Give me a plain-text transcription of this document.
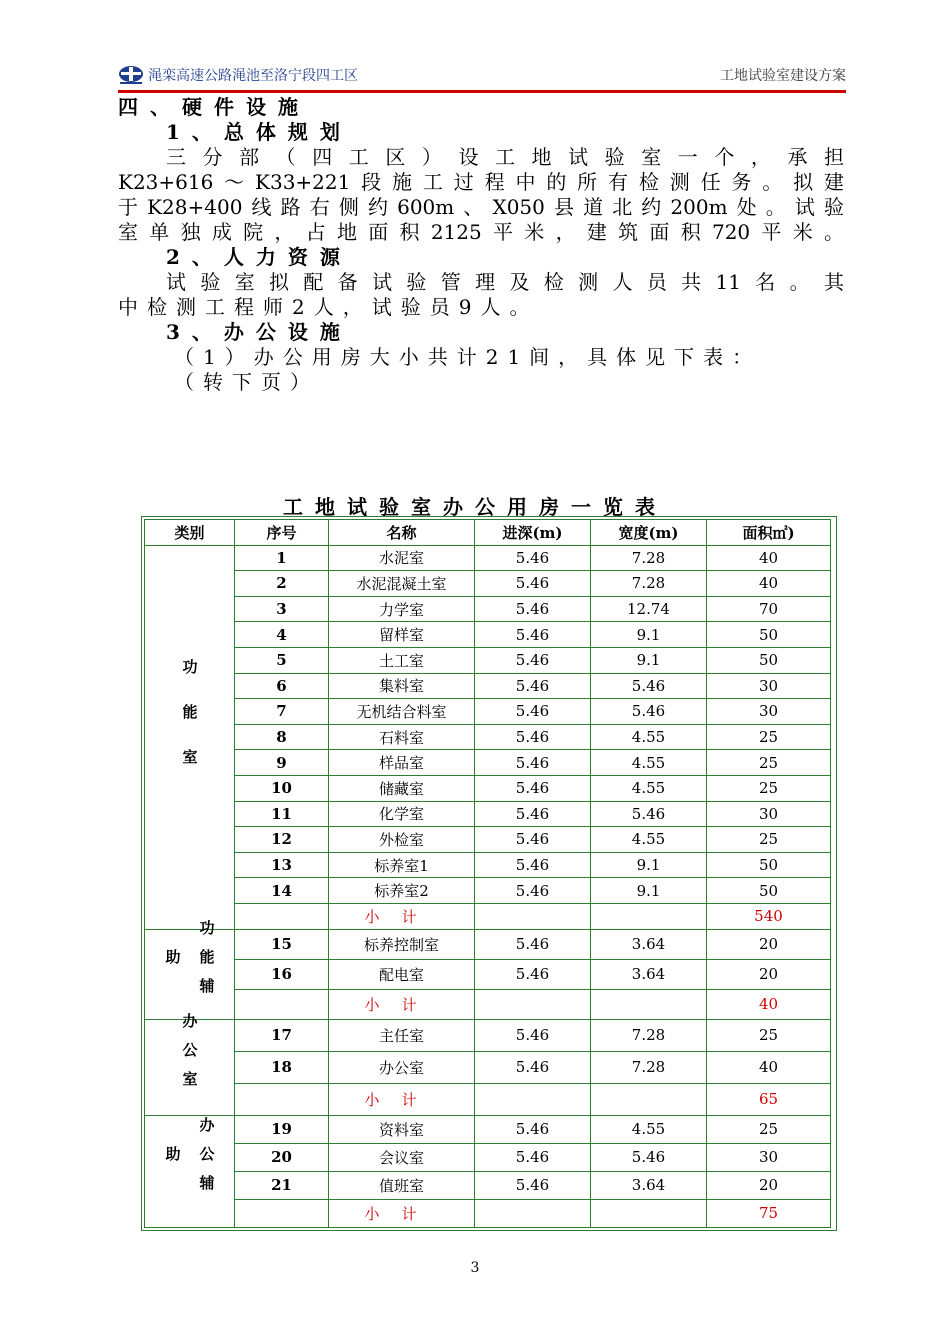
渑栾高速公路渑池至洛宁段四工区	工地试验室建设方案
四、硬件设施
1、总体规划
三分部（四工区）设工地试验室一个，承担
K23+616～K33+221段施工过程中的所有检测任务。拟建
于K28+400线路右侧约600m、X050县道北约200m处。试验
室单独成院，占地面积2125平米，建筑面积720平米。
2、人力资源
试验室拟配备试验管理及检测人员共11名。其
中检测工程师2人，试验员9人。
3、办公设施
（1）办公用房大小共计21间，具体见下表：
（转下页）
工地试验室办公用房一览表
类别	序号	名称	进深(m)	宽度(m)	面积㎡)
功能室	1	水泥室	5.46	7.28	40
	2	水泥混凝土室	5.46	7.28	40
	3	力学室	5.46	12.74	70
	4	留样室	5.46	9.1	50
	5	土工室	5.46	9.1	50
	6	集料室	5.46	5.46	30
	7	无机结合料室	5.46	5.46	30
	8	石料室	5.46	4.55	25
	9	样品室	5.46	4.55	25
	10	储藏室	5.46	4.55	25
	11	化学室	5.46	5.46	30
	12	外检室	5.46	4.55	25
	13	标养室1	5.46	9.1	50
	14	标养室2	5.46	9.1	50
		小计			540
功能辅助	15	标养控制室	5.46	3.64	20
	16	配电室	5.46	3.64	20
		小计			40
办公室	17	主任室	5.46	7.28	25
	18	办公室	5.46	7.28	40
		小计			65
办公辅助	19	资料室	5.46	4.55	25
	20	会议室	5.46	5.46	30
	21	值班室	5.46	3.64	20
		小计			75
3
